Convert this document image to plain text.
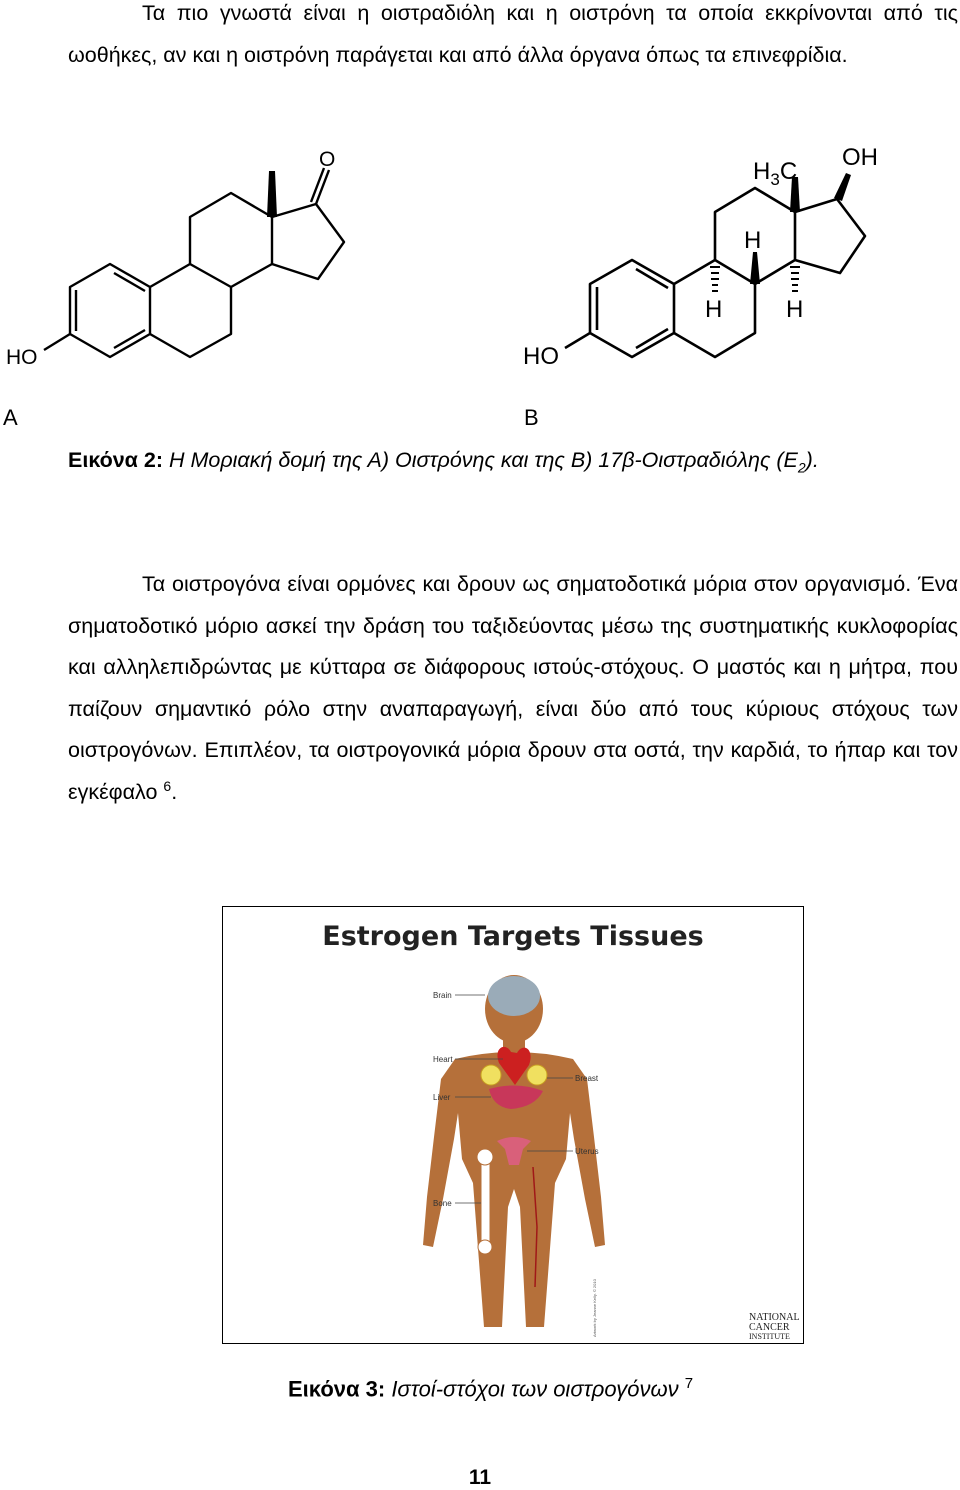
Τα πιο γνωστά είναι η οιστραδιόλη και η οιστρόνη τα οποία εκκρίνονται από τις ωοθήκες, αν και η οιστρόνη παράγεται και από άλλα όργανα όπως τα επινεφρίδια.

O
HO
$H_3C$
OH
H
H	H
HO
A	B
Εικόνα 2: Η Μοριακή δομή της Α) Οιστρόνης και της Β) 17β-Οιστραδιόλης $(E_2)$.

Τα οιστρογόνα είναι ορμόνες και δρουν ως σηματοδοτικά μόρια στον οργανισμό. Ένα σηματοδοτικό μόριο ασκεί την δράση του ταξιδεύοντας μέσω της συστηματικής κυκλοφορίας και αλληλεπιδρώντας με κύτταρα σε διάφορους ιστούς-στόχους. Ο μαστός και η μήτρα, που παίζουν σημαντικό ρόλο στην αναπαραγωγή, είναι δύο από τους κύριους στόχους των οιστρογόνων. Επιπλέον, τα οιστρογονικά μόρια δρουν στα οστά, την καρδιά, το ήπαρ και τον εγκέφαλο $^6$.

Estrogen Targets Tissues
Brain
Heart
Liver
Breast
Uterus
Bone
Artwork by Jeanne Kelly. © 2010	NATIONAL
CANCER
INSTITUTE
Εικόνα 3: Ιστοί-στόχοι των οιστρογόνων $^7$
11
